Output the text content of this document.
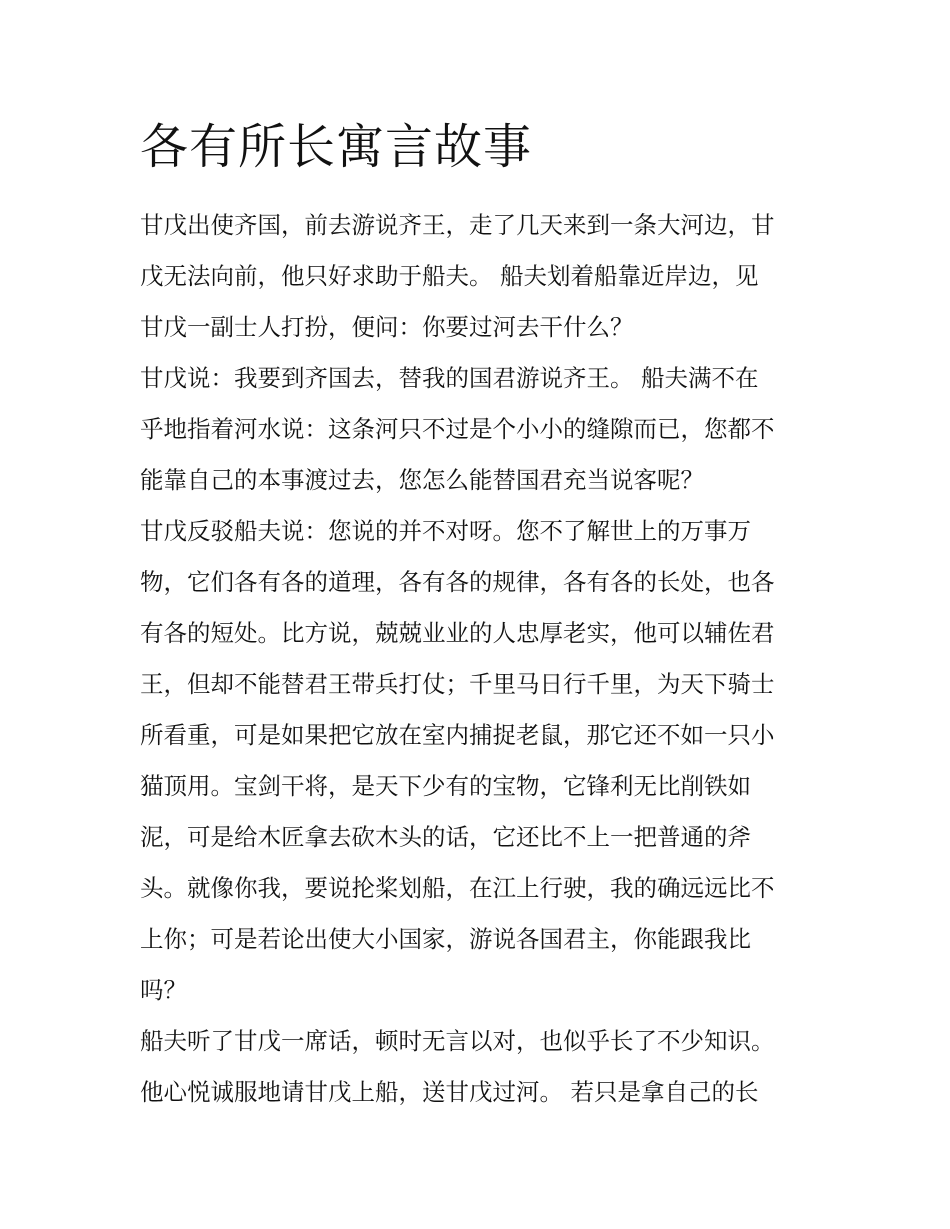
各有所长寓言故事

甘戊出使齐国，前去游说齐王，走了几天来到一条大河边，甘
戊无法向前，他只好求助于船夫。 船夫划着船靠近岸边，见
甘戊一副士人打扮，便问：你要过河去干什么？

甘戊说：我要到齐国去，替我的国君游说齐王。 船夫满不在
乎地指着河水说：这条河只不过是个小小的缝隙而已，您都不
能靠自己的本事渡过去，您怎么能替国君充当说客呢？

甘戊反驳船夫说：您说的并不对呀。您不了解世上的万事万
物，它们各有各的道理，各有各的规律，各有各的长处，也各
有各的短处。比方说，兢兢业业的人忠厚老实，他可以辅佐君
王，但却不能替君王带兵打仗；千里马日行千里，为天下骑士
所看重，可是如果把它放在室内捕捉老鼠，那它还不如一只小
猫顶用。宝剑干将，是天下少有的宝物，它锋利无比削铁如
泥，可是给木匠拿去砍木头的话，它还比不上一把普通的斧
头。就像你我，要说抡桨划船，在江上行驶，我的确远远比不
上你；可是若论出使大小国家，游说各国君主，你能跟我比
吗？

船夫听了甘戊一席话，顿时无言以对，也似乎长了不少知识。
他心悦诚服地请甘戊上船，送甘戊过河。 若只是拿自己的长
